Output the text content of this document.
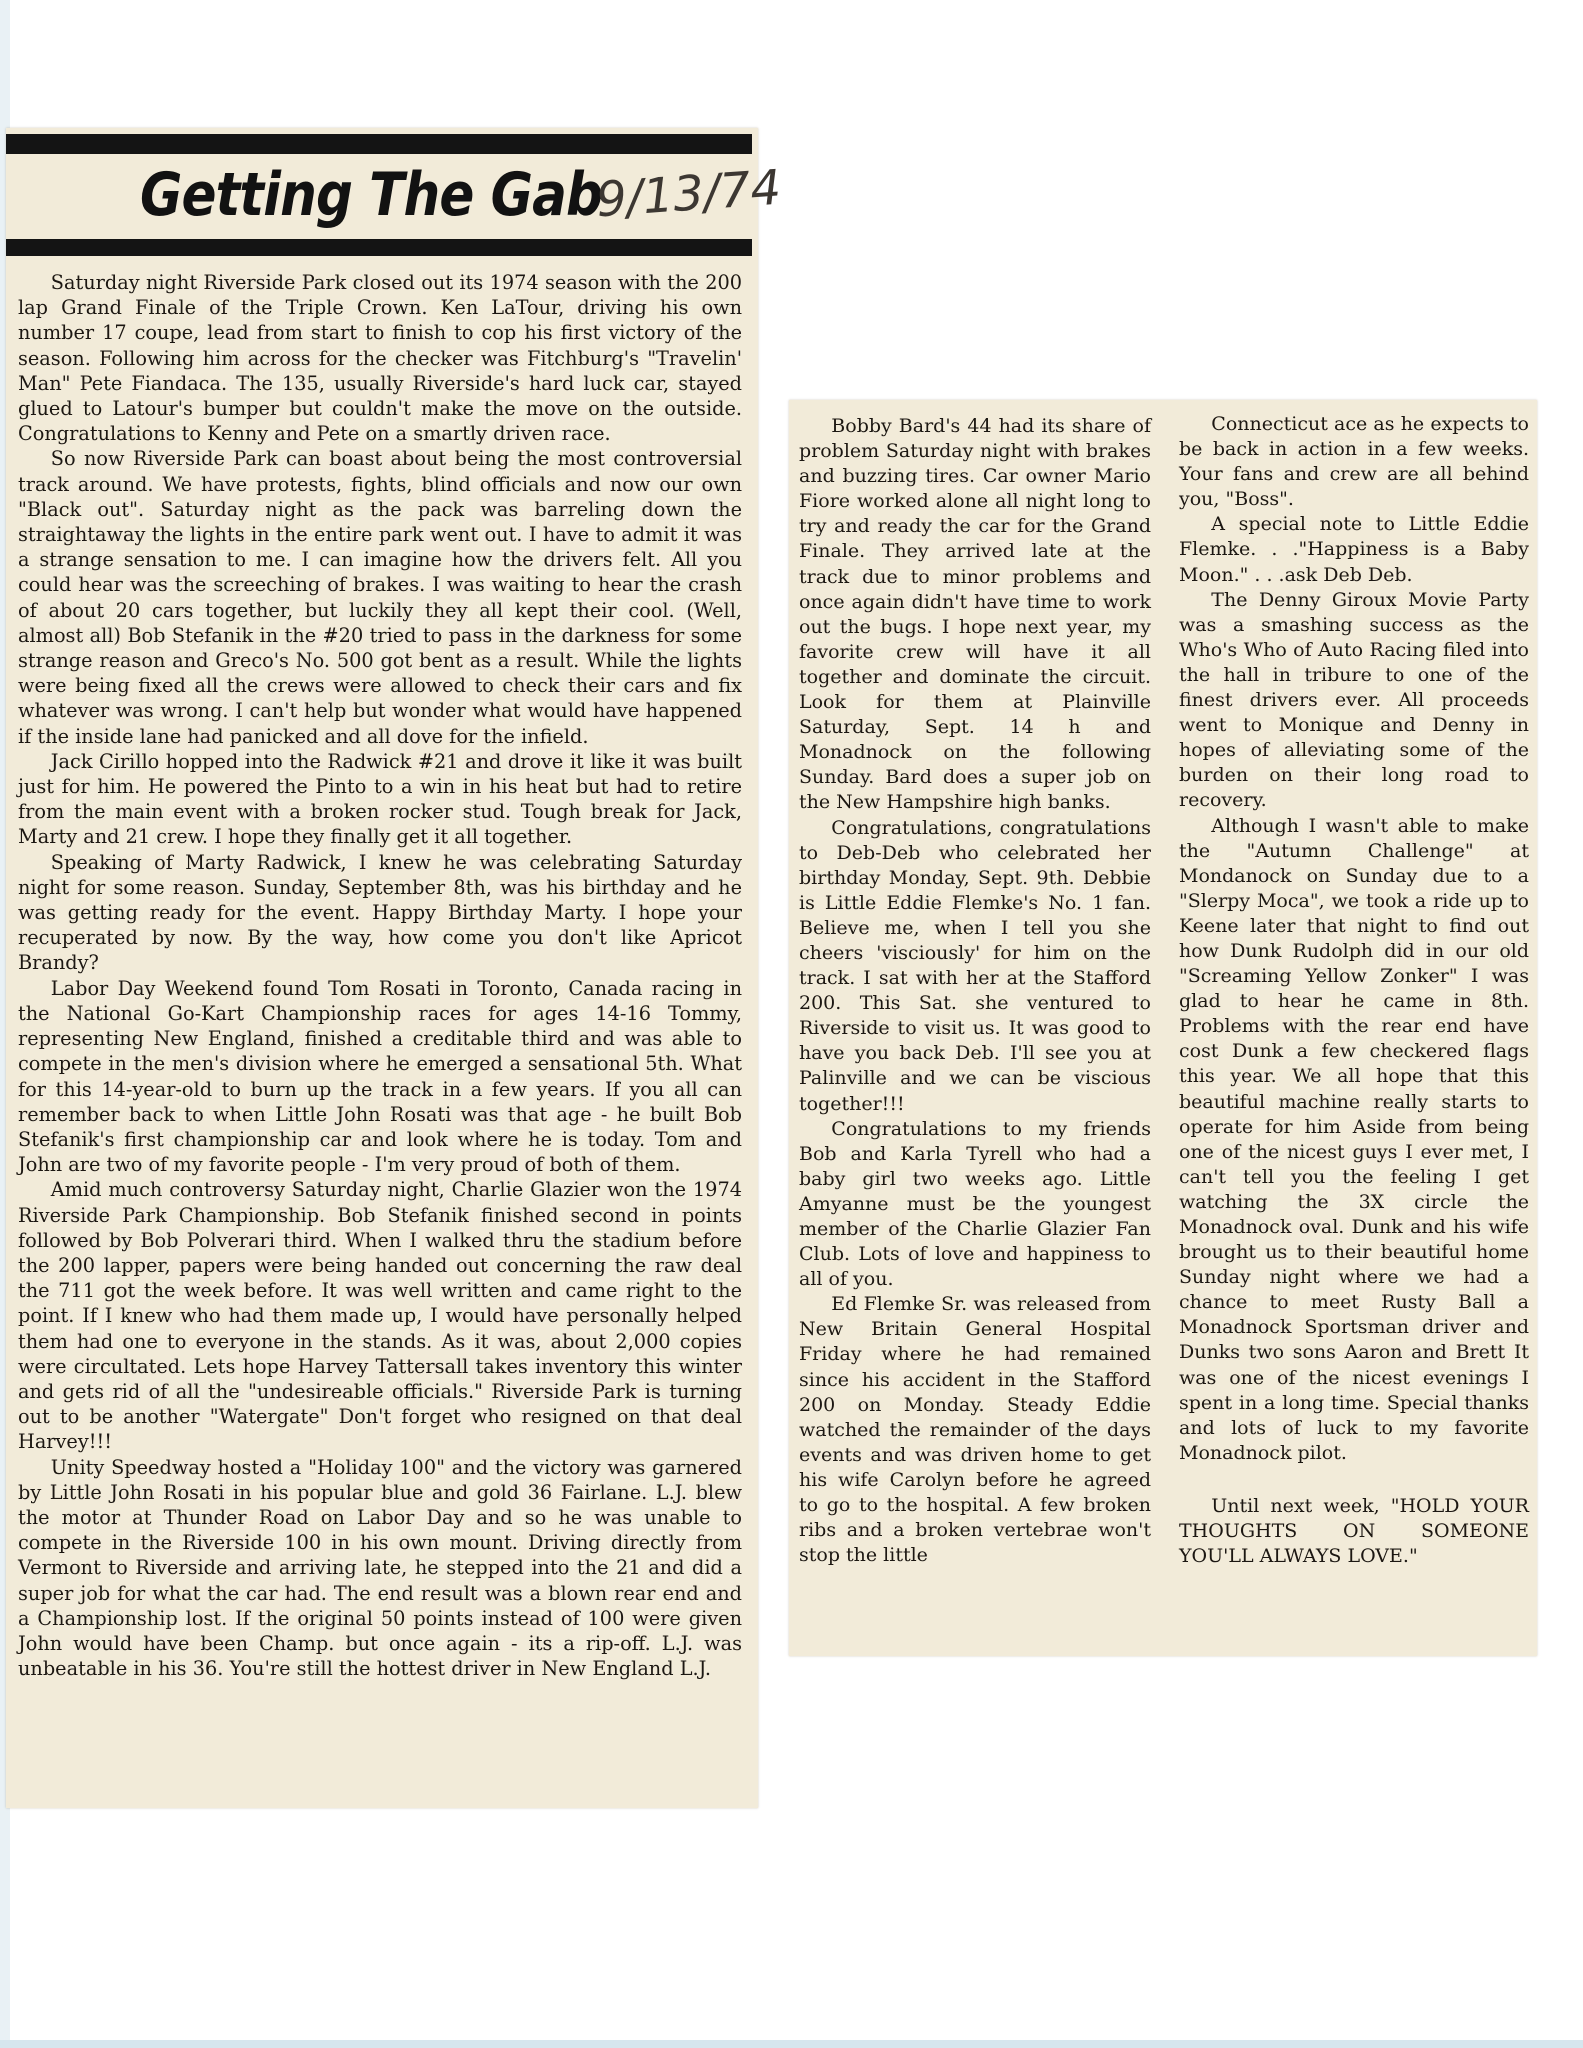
Getting The Gab
9/13/74

Saturday night Riverside Park closed out its 1974 season with the 200 lap Grand Finale of the Triple Crown. Ken LaTour, driving his own number 17 coupe, lead from start to finish to cop his first victory of the season. Following him across for the checker was Fitchburg's "Travelin' Man" Pete Fiandaca. The 135, usually Riverside's hard luck car, stayed glued to Latour's bumper but couldn't make the move on the outside. Congratulations to Kenny and Pete on a smartly driven race.

So now Riverside Park can boast about being the most controversial track around. We have protests, fights, blind officials and now our own "Black out". Saturday night as the pack was barreling down the straightaway the lights in the entire park went out. I have to admit it was a strange sensation to me. I can imagine how the drivers felt. All you could hear was the screeching of brakes. I was waiting to hear the crash of about 20 cars together, but luckily they all kept their cool. (Well, almost all) Bob Stefanik in the #20 tried to pass in the darkness for some strange reason and Greco's No. 500 got bent as a result. While the lights were being fixed all the crews were allowed to check their cars and fix whatever was wrong. I can't help but wonder what would have happened if the inside lane had panicked and all dove for the infield.

Jack Cirillo hopped into the Radwick #21 and drove it like it was built just for him. He powered the Pinto to a win in his heat but had to retire from the main event with a broken rocker stud. Tough break for Jack, Marty and 21 crew. I hope they finally get it all together.

Speaking of Marty Radwick, I knew he was celebrating Saturday night for some reason. Sunday, September 8th, was his birthday and he was getting ready for the event. Happy Birthday Marty. I hope your recuperated by now. By the way, how come you don't like Apricot Brandy?

Labor Day Weekend found Tom Rosati in Toronto, Canada racing in the National Go-Kart Championship races for ages 14-16 Tommy, representing New England, finished a creditable third and was able to compete in the men's division where he emerged a sensational 5th. What for this 14-year-old to burn up the track in a few years. If you all can remember back to when Little John Rosati was that age - he built Bob Stefanik's first championship car and look where he is today. Tom and John are two of my favorite people - I'm very proud of both of them.

Amid much controversy Saturday night, Charlie Glazier won the 1974 Riverside Park Championship. Bob Stefanik finished second in points followed by Bob Polverari third. When I walked thru the stadium before the 200 lapper, papers were being handed out concerning the raw deal the 711 got the week before. It was well written and came right to the point. If I knew who had them made up, I would have personally helped them had one to everyone in the stands. As it was, about 2,000 copies were circultated. Lets hope Harvey Tattersall takes inventory this winter and gets rid of all the "undesireable officials." Riverside Park is turning out to be another "Watergate" Don't forget who resigned on that deal Harvey!!!

Unity Speedway hosted a "Holiday 100" and the victory was garnered by Little John Rosati in his popular blue and gold 36 Fairlane. L.J. blew the motor at Thunder Road on Labor Day and so he was unable to compete in the Riverside 100 in his own mount. Driving directly from Vermont to Riverside and arriving late, he stepped into the 21 and did a super job for what the car had. The end result was a blown rear end and a Championship lost. If the original 50 points instead of 100 were given John would have been Champ. but once again - its a rip-off. L.J. was unbeatable in his 36. You're still the hottest driver in New England L.J.

Bobby Bard's 44 had its share of problem Saturday night with brakes and buzzing tires. Car owner Mario Fiore worked alone all night long to try and ready the car for the Grand Finale. They arrived late at the track due to minor problems and once again didn't have time to work out the bugs. I hope next year, my favorite crew will have it all together and dominate the circuit. Look for them at Plainville Saturday, Sept. 14 h and Monadnock on the following Sunday. Bard does a super job on the New Hampshire high banks.

Congratulations, congratulations to Deb-Deb who celebrated her birthday Monday, Sept. 9th. Debbie is Little Eddie Flemke's No. 1 fan. Believe me, when I tell you she cheers 'visciously' for him on the track. I sat with her at the Stafford 200. This Sat. she ventured to Riverside to visit us. It was good to have you back Deb. I'll see you at Palinville and we can be viscious together!!!

Congratulations to my friends Bob and Karla Tyrell who had a baby girl two weeks ago. Little Amyanne must be the youngest member of the Charlie Glazier Fan Club. Lots of love and happiness to all of you.

Ed Flemke Sr. was released from New Britain General Hospital Friday where he had remained since his accident in the Stafford 200 on Monday. Steady Eddie watched the remainder of the days events and was driven home to get his wife Carolyn before he agreed to go to the hospital. A few broken ribs and a broken vertebrae won't stop the little

Connecticut ace as he expects to be back in action in a few weeks. Your fans and crew are all behind you, "Boss".

A special note to Little Eddie Flemke. . ."Happiness is a Baby Moon." . . .ask Deb Deb.

The Denny Giroux Movie Party was a smashing success as the Who's Who of Auto Racing filed into the hall in tribure to one of the finest drivers ever. All proceeds went to Monique and Denny in hopes of alleviating some of the burden on their long road to recovery.

Although I wasn't able to make the "Autumn Challenge" at Mondanock on Sunday due to a "Slerpy Moca", we took a ride up to Keene later that night to find out how Dunk Rudolph did in our old "Screaming Yellow Zonker" I was glad to hear he came in 8th. Problems with the rear end have cost Dunk a few checkered flags this year. We all hope that this beautiful machine really starts to operate for him Aside from being one of the nicest guys I ever met, I can't tell you the feeling I get watching the 3X circle the Monadnock oval. Dunk and his wife brought us to their beautiful home Sunday night where we had a chance to meet Rusty Ball a Monadnock Sportsman driver and Dunks two sons Aaron and Brett It was one of the nicest evenings I spent in a long time. Special thanks and lots of luck to my favorite Monadnock pilot.

Until next week, "HOLD YOUR THOUGHTS ON SOMEONE YOU'LL ALWAYS LOVE."
